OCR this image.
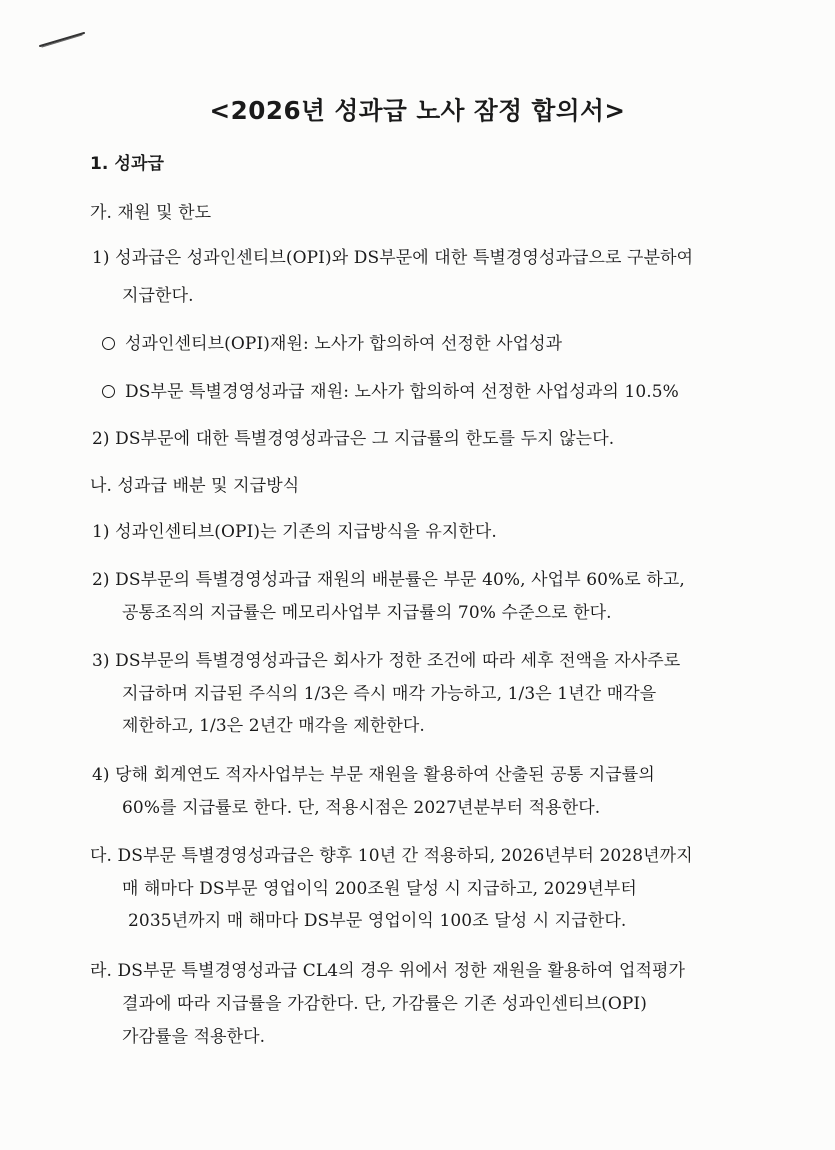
<2026년 성과급 노사 잠정 합의서>
1. 성과급
가. 재원 및 한도
1) 성과급은 성과인센티브(OPI)와 DS부문에 대한 특별경영성과급으로 구분하여
지급한다.
성과인센티브(OPI)재원: 노사가 합의하여 선정한 사업성과
DS부문 특별경영성과급 재원: 노사가 합의하여 선정한 사업성과의 10.5%
2) DS부문에 대한 특별경영성과급은 그 지급률의 한도를 두지 않는다.
나. 성과급 배분 및 지급방식
1) 성과인센티브(OPI)는 기존의 지급방식을 유지한다.
2) DS부문의 특별경영성과급 재원의 배분률은 부문 40%, 사업부 60%로 하고,
공통조직의 지급률은 메모리사업부 지급률의 70% 수준으로 한다.
3) DS부문의 특별경영성과급은 회사가 정한 조건에 따라 세후 전액을 자사주로
지급하며 지급된 주식의 1/3은 즉시 매각 가능하고, 1/3은 1년간 매각을
제한하고, 1/3은 2년간 매각을 제한한다.
4) 당해 회계연도 적자사업부는 부문 재원을 활용하여 산출된 공통 지급률의
60%를 지급률로 한다. 단, 적용시점은 2027년분부터 적용한다.
다. DS부문 특별경영성과급은 향후 10년 간 적용하되, 2026년부터 2028년까지
매 해마다 DS부문 영업이익 200조원 달성 시 지급하고, 2029년부터
2035년까지 매 해마다 DS부문 영업이익 100조 달성 시 지급한다.
라. DS부문 특별경영성과급 CL4의 경우 위에서 정한 재원을 활용하여 업적평가
결과에 따라 지급률을 가감한다. 단, 가감률은 기존 성과인센티브(OPI)
가감률을 적용한다.
